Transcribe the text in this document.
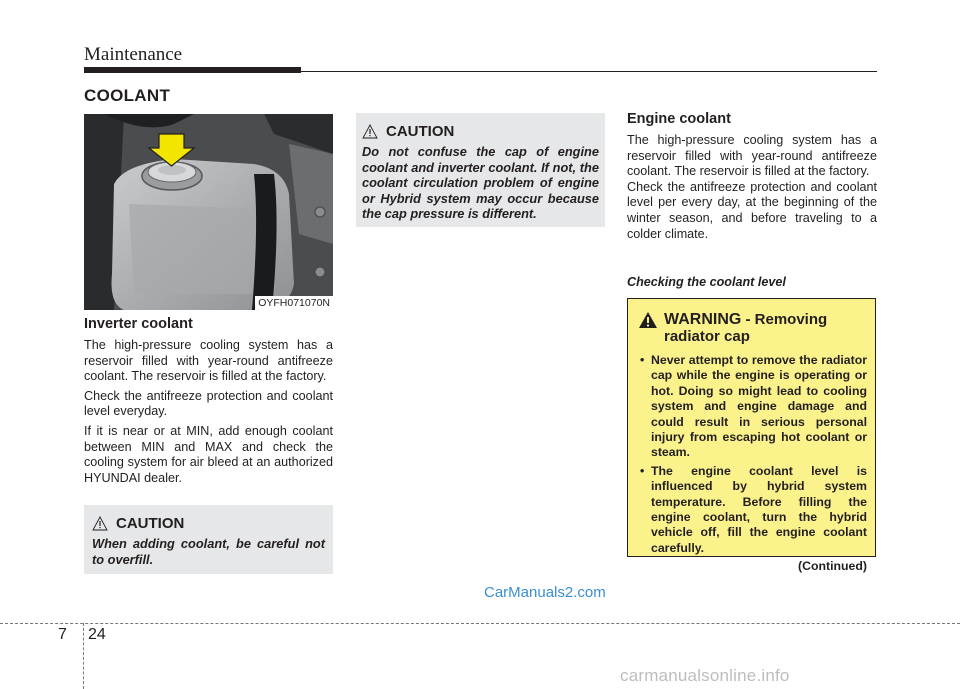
Maintenance
COOLANT
OYFH071070N
Inverter coolant

The high-pressure cooling system has a reservoir filled with year-round antifreeze coolant. The reservoir is filled at the factory.

Check the antifreeze protection and coolant level everyday.

If it is near or at MIN, add enough coolant between MIN and MAX and check the cooling system for air bleed at an authorized HYUNDAI dealer.

CAUTION

When adding coolant, be careful not to overfill.

CAUTION

Do not confuse the cap of engine coolant and inverter coolant. If not, the coolant circulation problem of engine or Hybrid system may occur because the cap pressure is different.

Engine coolant

The high-pressure cooling system has a reservoir filled with year-round antifreeze coolant. The reservoir is filled at the factory.

Check the antifreeze protection and coolant level per every day, at the beginning of the winter season, and before traveling to a colder climate.

Checking the coolant level
WARNING - Removing radiator cap
• Never attempt to remove the radiator cap while the engine is operating or hot. Doing so might lead to cooling system and engine damage and could result in serious personal injury from escaping hot coolant or steam.
• The engine coolant level is influenced by hybrid system temperature. Before filling the engine coolant, turn the hybrid vehicle off, fill the engine coolant carefully.
(Continued)
CarManuals2.com
7 24
carmanualsonline.info
